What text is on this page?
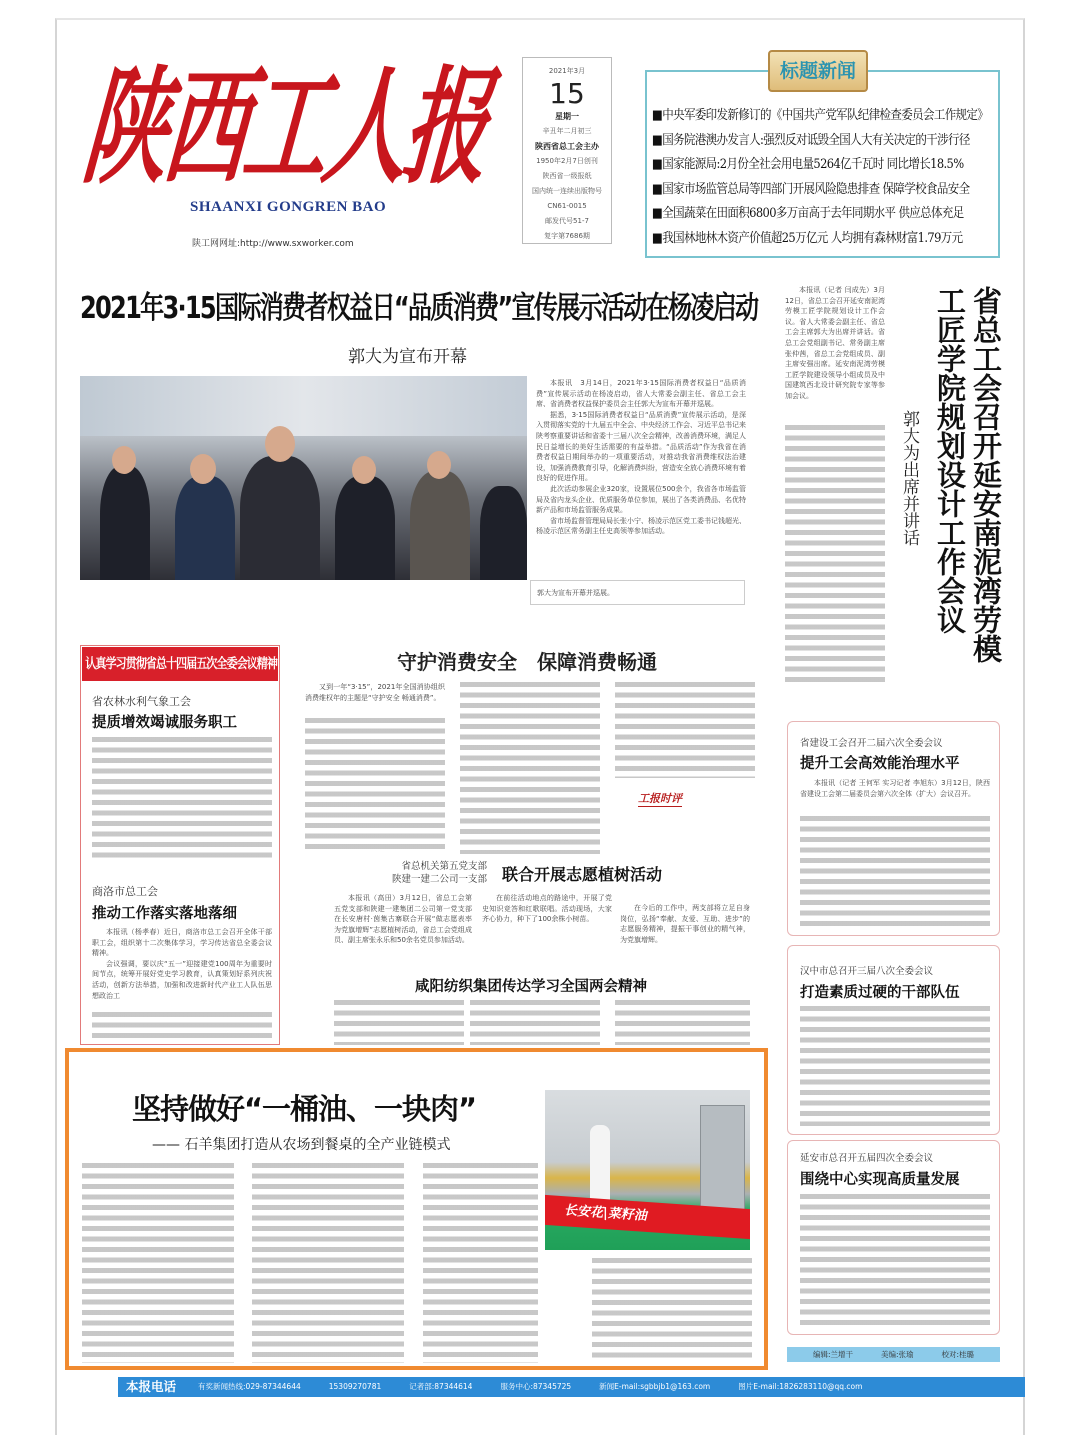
陕西工人报
SHAANXI GONGREN BAO
陕工网网址:http://www.sxworker.com
2021年3月
15
星期一
辛丑年二月初三
陕西省总工会主办
1950年2月7日创刊
陕西省一级报纸
国内统一连续出版物号
CN61-0015
邮发代号51-7
复字第7686期
标题新闻
■中央军委印发新修订的《中国共产党军队纪律检查委员会工作规定》
■国务院港澳办发言人:强烈反对诋毁全国人大有关决定的干涉行径
■国家能源局:2月份全社会用电量5264亿千瓦时 同比增长18.5%
■国家市场监管总局等四部门开展风险隐患排查 保障学校食品安全
■全国蔬菜在田面积6800多万亩高于去年同期水平 供应总体充足
■我国林地林木资产价值超25万亿元 人均拥有森林财富1.79万元
2021年3·15国际消费者权益日“品质消费”宣传展示活动在杨凌启动
郭大为宣布开幕

本报讯　3月14日，2021年3·15国际消费者权益日“品质消费”宣传展示活动在杨凌启动，省人大常委会副主任、省总工会主席、省消费者权益保护委员会主任郭大为宣布开幕并巡展。

据悉，3·15国际消费者权益日“品质消费”宣传展示活动，是深入贯彻落实党的十九届五中全会、中央经济工作会、习近平总书记来陕考察重要讲话和省委十三届八次全会精神，改善消费环境，满足人民日益增长的美好生活需要的有益举措。“品质活动”作为我省在消费者权益日期间举办的一项重要活动，对推动我省消费维权法治建设，加强消费教育引导，化解消费纠纷，营造安全放心消费环境有着良好的促进作用。

此次活动参展企业320家，设置展位500余个，我省各市场监管局及省内龙头企业、优质服务单位参加，展出了各类消费品、名优特新产品和市场监管服务成果。

省市场监督管理局局长张小宁、杨凌示范区党工委书记钱超光、杨凌示范区常务副主任史高领等参加活动。

郭大为宣布开幕并巡展。	省总工会召开延安南泥湾劳模工匠学院规划设计工作会议
郭大为出席并讲话
本报讯（记者 闫成先）3月12日，省总工会召开延安南泥湾劳模工匠学院规划设计工作会议。省人大常委会副主任、省总工会主席郭大为出席并讲话。省总工会党组副书记、常务副主席张仲茜，省总工会党组成员、副主席安强出席。延安南泥湾劳模工匠学院建设领导小组成员及中国建筑西北设计研究院专家等参加会议。
认真学习贯彻省总十四届五次全委会议精神
省农林水利气象工会
提质增效竭诚服务职工
商洛市总工会
推动工作落实落地落细

本报讯（杨孝春）近日，商洛市总工会召开全体干部职工会，组织第十二次集体学习，学习传达省总全委会议精神。

会议强调，要以庆“五一”迎接建党100周年为重要时间节点，统筹开展好党史学习教育，认真策划好系列庆祝活动，创新方法举措，加强和改进新时代产业工人队伍思想政治工

守护消费安全　保障消费畅通
又到一年“3·15”，2021年全国消协组织消费维权年的主题是“守护安全 畅通消费”。
工报时评
省总机关第五党支部
陕建一建二公司一支部 联合开展志愿植树活动
本报讯（高田）3月12日，省总工会第五党支部和陕建一建集团二公司第一党支部在长安唐村·茵集古寨联合开展“做志愿表率　为党旗增辉”志愿植树活动，省总工会党组成员、副主席张永乐和50余名党员参加活动。
在前往活动地点的路途中，开展了党史知识竞答和红歌联唱。活动现场，大家齐心协力，种下了100余株小树苗。
在今后的工作中，两支部将立足自身岗位，弘扬“奉献、友爱、互助、进步”的志愿服务精神，提振干事创业的精气神，为党旗增辉。
咸阳纺织集团传达学习全国两会精神
坚持做好“一桶油、一块肉”
—— 石羊集团打造从农场到餐桌的全产业链模式
长安花|菜籽油
省建设工会召开二届六次全委会议
提升工会高效能治理水平
本报讯（记者 王何军 实习记者 李旭东）3月12日，陕西省建设工会第二届委员会第六次全体（扩大）会议召开。
汉中市总召开三届八次全委会议
打造素质过硬的干部队伍
延安市总召开五届四次全委会议
围绕中心实现高质量发展
编辑:兰增干	美编:张瑜	校对:桂璐
本报电话	有奖新闻热线:029-87344644	15309270781	记者部:87344614	服务中心:87345725	新闻E-mail:sgbbjb1@163.com	图片E-mail:1826283110@qq.com
